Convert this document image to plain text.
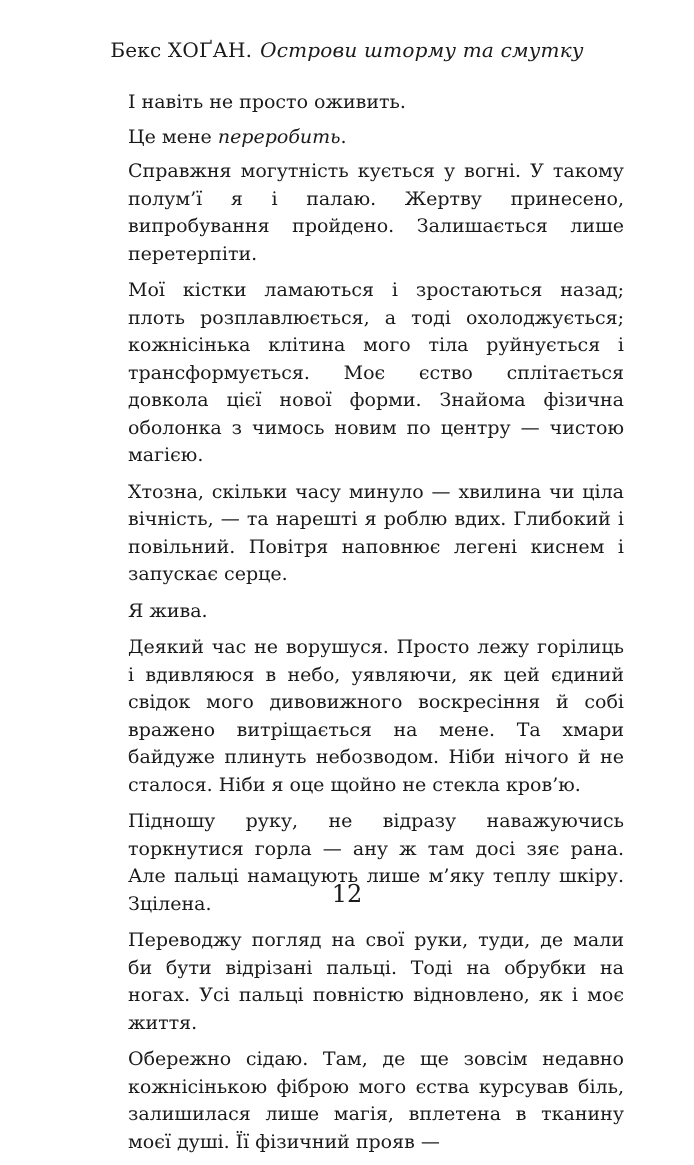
Бекс ХОҐАН. Острови шторму та смутку

І навіть не просто оживить.

Це мене переробить.

Справжня могутність кується у вогні. У такому полум’ї я і палаю. Жертву принесено, випробування пройдено. Залишається лише перетерпіти.

Мої кістки ламаються і зростаються назад; плоть розплавлюється, а тоді охолоджується; кожнісінька клітина мого тіла руйнується і трансформується. Моє єство сплітається довкола цієї нової форми. Знайома фізична оболонка з чимось новим по центру — чистою магією.

Хтозна, скільки часу минуло — хвилина чи ціла вічність, — та нарешті я роблю вдих. Глибокий і повільний. Повітря наповнює легені киснем і запускає серце.

Я жива.

Деякий час не ворушуся. Просто лежу горілиць і вдивляюся в небо, уявляючи, як цей єдиний свідок мого дивовижного воскресіння й собі вражено витріщається на мене. Та хмари байдуже плинуть небозводом. Ніби нічого й не сталося. Ніби я оце щойно не стекла кров’ю.

Підношу руку, не відразу наважуючись торкнутися горла — ану ж там досі зяє рана. Але пальці намацують лише м’яку теплу шкіру. Зцілена.

Переводжу погляд на свої руки, туди, де мали би бути відрізані пальці. Тоді на обрубки на ногах. Усі пальці повністю відновлено, як і моє життя.

Обережно сідаю. Там, де ще зовсім недавно кожнісінькою фіброю мого єства курсував біль, залишилася лише магія, вплетена в тканину моєї душі. Її фізичний прояв —

12
